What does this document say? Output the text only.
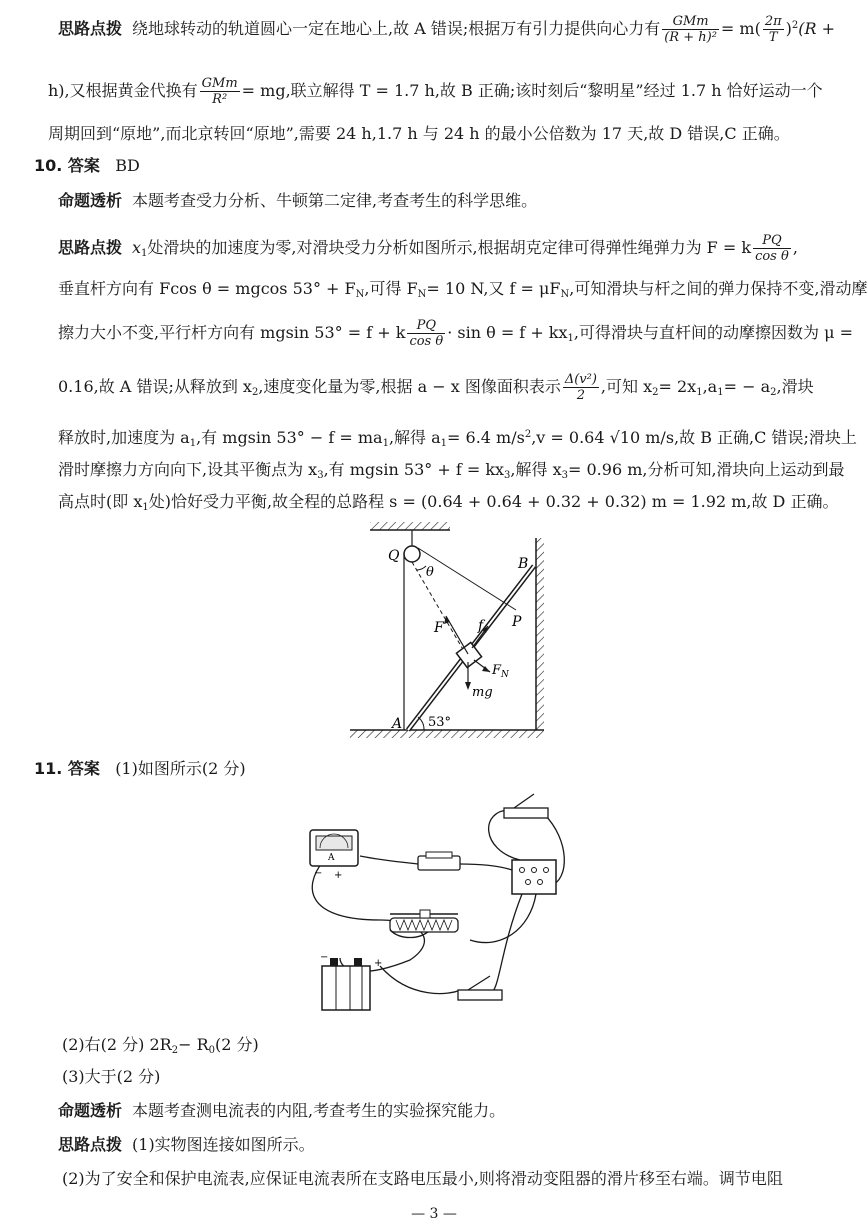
思路点拨 绕地球转动的轨道圆心一定在地心上,故 A 错误;根据万有引力提供向心力有 $\frac{\text{GMm}}{\text{(R + h)²}} = m( \frac{2\pi}{T} )^2(R$ +
h),又根据黄金代换有 $\frac{\text{GMm}}{\text{R²}}$ = mg,联立解得 T = 1.7 h,故 B 正确;该时刻后“黎明星”经过 1.7 h 恰好运动一个
周期回到“原地”,而北京转回“原地”,需要 24 h,1.7 h 与 24 h 的最小公倍数为 17 天,故 D 错误,C 正确。
10. 答案 BD
命题透析 本题考查受力分析、牛顿第二定律,考查考生的科学思维。
思路点拨 $x_1$处滑块的加速度为零,对滑块受力分析如图所示,根据胡克定律可得弹性绳弹力为 F = k $\frac{PQ}{\text{cos θ}}$ ,
垂直杆方向有 Fcos θ = mgcos $53^\circ + F_N$,可得 $F_N= 10$ N,又 $f = \mu F_N$,可知滑块与杆之间的弹力保持不变,滑动摩
擦力大小不变,平行杆方向有 mgsin 53° = f + k $\frac{PQ}{\text{cos θ}} \cdot \sin \theta = f + kx_1$,可得滑块与直杆间的动摩擦因数为 μ =
0.16,故 A 错误;从释放到 $x_2$,速度变化量为零,根据 a − x 图像面积表示 $\frac{\text{Δ(v²)}}{2}$ ,可知 $x_2= 2x_1,a_1= - a_2$,滑块
释放时,加速度为 $a_1$,有 mgsin $53^\circ - f = ma_1$,解得 $a_1= 6.4$ $m/s^2,v = 0.64$ √10 m/s,故 B 正确,C 错误;滑块上
滑时摩擦力方向向下,设其平衡点为 $x_3$,有 mgsin $53^\circ + f = kx_3$,解得 $x_3= 0.96$ m,分析可知,滑块向上运动到最
高点时(即 $x_1$处)恰好受力平衡,故全程的总路程 s = (0.64 + 0.64 + 0.32 + 0.32) m = 1.92 m,故 D 正确。
Q	B
P
A
θ
F f
$F_N$
mg
53°
11. 答案 (1)如图所示(2 分)
A
− +
−
+
(2)右(2 分) $2R_2- R_0(2$ 分)
(3)大于(2 分)
命题透析 本题考查测电流表的内阻,考查考生的实验探究能力。
思路点拨 (1)实物图连接如图所示。
(2)为了安全和保护电流表,应保证电流表所在支路电压最小,则将滑动变阻器的滑片移至右端。调节电阻
— 3 —
